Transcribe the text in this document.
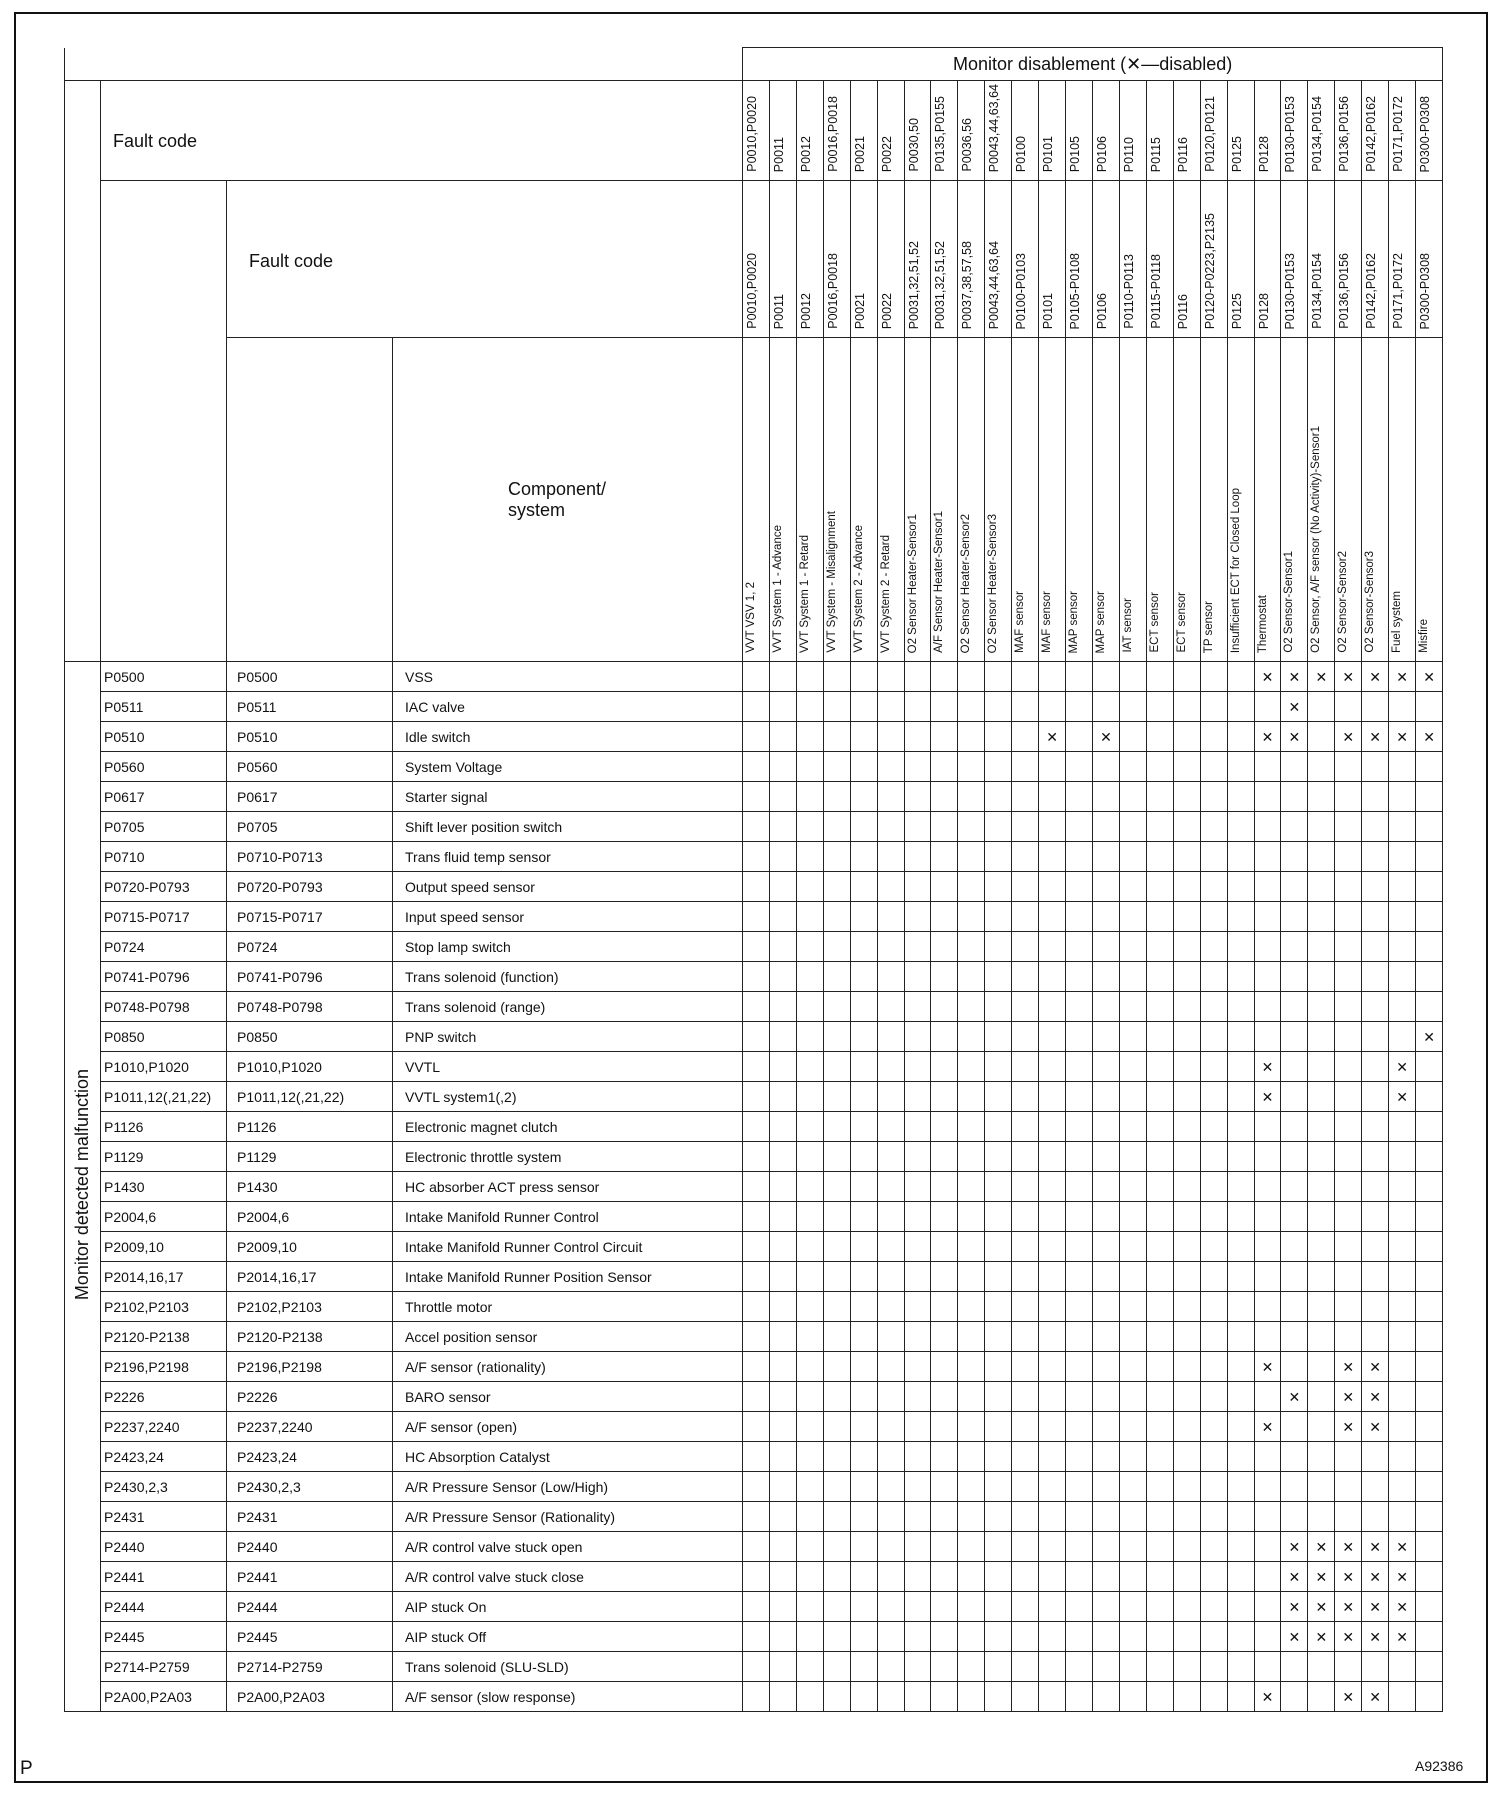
				Monitor disablement (✕—disabled)																									
	Fault code			P0010,P0020	P0011	P0012	P0016,P0018	P0021	P0022	P0030,50	P0135,P0155	P0036,56	P0043,44,63,64	P0100	P0101	P0105	P0106	P0110	P0115	P0116	P0120,P0121	P0125	P0128	P0130-P0153	P0134,P0154	P0136,P0156	P0142,P0162	P0171,P0172	P0300-P0308
		Fault code		P0010,P0020	P0011	P0012	P0016,P0018	P0021	P0022	P0031,32,51,52	P0031,32,51,52	P0037,38,57,58	P0043,44,63,64	P0100-P0103	P0101	P0105-P0108	P0106	P0110-P0113	P0115-P0118	P0116	P0120-P0223,P2135	P0125	P0128	P0130-P0153	P0134,P0154	P0136,P0156	P0142,P0162	P0171,P0172	P0300-P0308
			Component/
system	VVT VSV 1, 2	VVT System 1 - Advance	VVT System 1 - Retard	VVT System - Misalignment	VVT System 2 - Advance	VVT System 2 - Retard	O2 Sensor Heater-Sensor1	A/F Sensor Heater-Sensor1	O2 Sensor Heater-Sensor2	O2 Sensor Heater-Sensor3	MAF sensor	MAF sensor	MAP sensor	MAP sensor	IAT sensor	ECT sensor	ECT sensor	TP sensor	Insufficient ECT for Closed Loop	Thermostat	O2 Sensor-Sensor1	O2 Sensor, A/F sensor (No Activity)-Sensor1	O2 Sensor-Sensor2	O2 Sensor-Sensor3	Fuel system	Misfire
Monitor detected malfunction	P0500	P0500	VSS																				✕	✕	✕	✕	✕	✕	✕
	P0511	P0511	IAC valve																					✕					
	P0510	P0510	Idle switch												✕		✕						✕	✕		✕	✕	✕	✕
	P0560	P0560	System Voltage																										
	P0617	P0617	Starter signal																										
	P0705	P0705	Shift lever position switch																										
	P0710	P0710-P0713	Trans fluid temp sensor																										
	P0720-P0793	P0720-P0793	Output speed sensor																										
	P0715-P0717	P0715-P0717	Input speed sensor																										
	P0724	P0724	Stop lamp switch																										
	P0741-P0796	P0741-P0796	Trans solenoid (function)																										
	P0748-P0798	P0748-P0798	Trans solenoid (range)																										
	P0850	P0850	PNP switch																										✕
	P1010,P1020	P1010,P1020	VVTL																				✕					✕	
	P1011,12(,21,22)	P1011,12(,21,22)	VVTL system1(,2)																				✕					✕	
	P1126	P1126	Electronic magnet clutch																										
	P1129	P1129	Electronic throttle system																										
	P1430	P1430	HC absorber ACT press sensor																										
	P2004,6	P2004,6	Intake Manifold Runner Control																										
	P2009,10	P2009,10	Intake Manifold Runner Control Circuit																										
	P2014,16,17	P2014,16,17	Intake Manifold Runner Position Sensor																										
	P2102,P2103	P2102,P2103	Throttle motor																										
	P2120-P2138	P2120-P2138	Accel position sensor																										
	P2196,P2198	P2196,P2198	A/F sensor (rationality)																				✕			✕	✕		
	P2226	P2226	BARO sensor																					✕		✕	✕		
	P2237,2240	P2237,2240	A/F sensor (open)																				✕			✕	✕		
	P2423,24	P2423,24	HC Absorption Catalyst																										
	P2430,2,3	P2430,2,3	A/R Pressure Sensor (Low/High)																										
	P2431	P2431	A/R Pressure Sensor (Rationality)																										
	P2440	P2440	A/R control valve stuck open																					✕	✕	✕	✕	✕	
	P2441	P2441	A/R control valve stuck close																					✕	✕	✕	✕	✕	
	P2444	P2444	AIP stuck On																					✕	✕	✕	✕	✕	
	P2445	P2445	AIP stuck Off																					✕	✕	✕	✕	✕	
	P2714-P2759	P2714-P2759	Trans solenoid (SLU-SLD)																										
	P2A00,P2A03	P2A00,P2A03	A/F sensor (slow response)																				✕			✕	✕		
P	A92386
